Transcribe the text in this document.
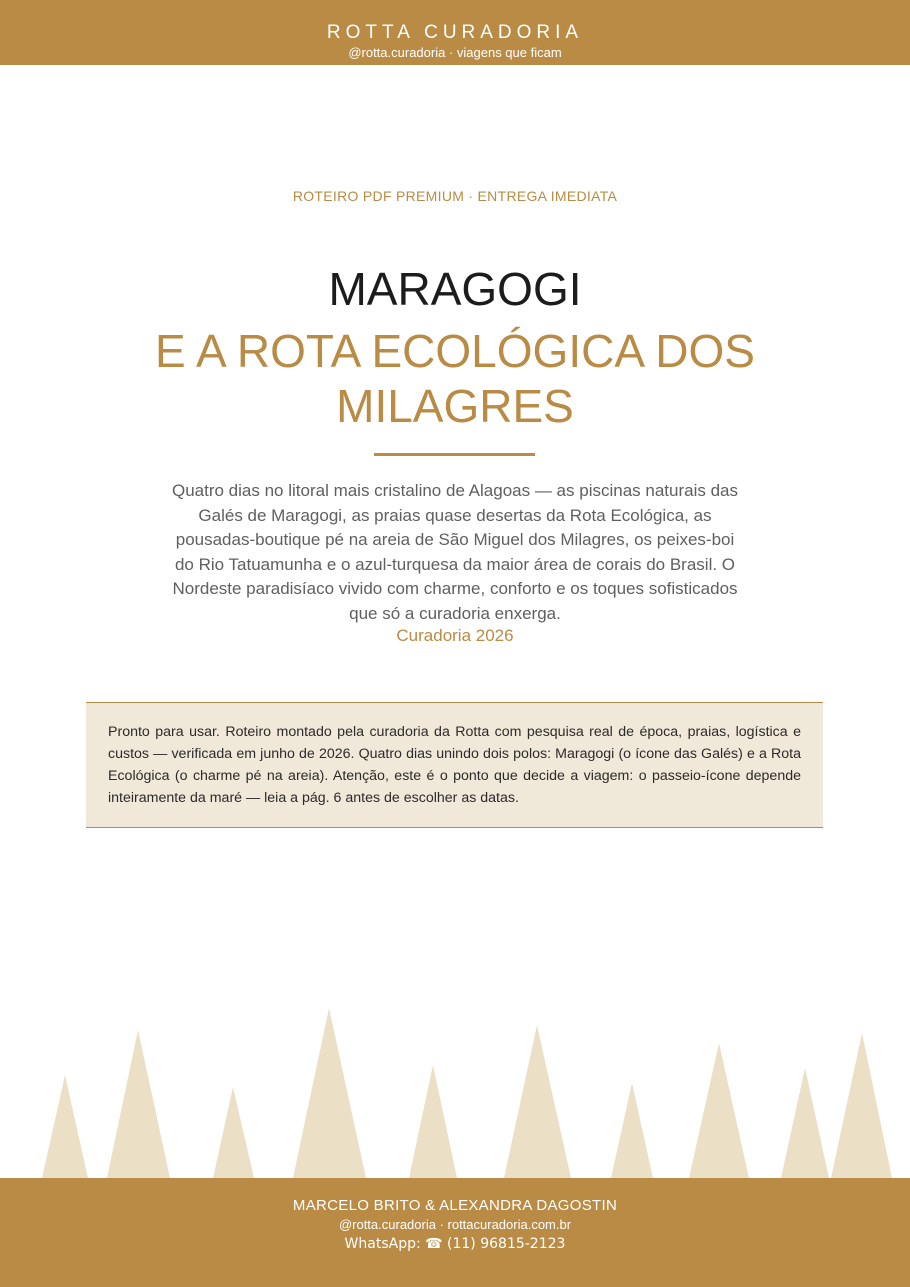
ROTTA CURADORIA
@rotta.curadoria · viagens que ficam
ROTEIRO PDF PREMIUM · ENTREGA IMEDIATA
MARAGOGI
E A ROTA ECOLÓGICA DOS MILAGRES
Quatro dias no litoral mais cristalino de Alagoas — as piscinas naturais das Galés de Maragogi, as praias quase desertas da Rota Ecológica, as pousadas-boutique pé na areia de São Miguel dos Milagres, os peixes-boi do Rio Tatuamunha e o azul-turquesa da maior área de corais do Brasil. O Nordeste paradisíaco vivido com charme, conforto e os toques sofisticados que só a curadoria enxerga.
Curadoria 2026
Pronto para usar. Roteiro montado pela curadoria da Rotta com pesquisa real de época, praias, logística e custos — verificada em junho de 2026. Quatro dias unindo dois polos: Maragogi (o ícone das Galés) e a Rota Ecológica (o charme pé na areia). Atenção, este é o ponto que decide a viagem: o passeio-ícone depende inteiramente da maré — leia a pág. 6 antes de escolher as datas.
MARCELO BRITO & ALEXANDRA DAGOSTIN
@rotta.curadoria · rottacuradoria.com.br
WhatsApp: ☎ (11) 96815-2123
